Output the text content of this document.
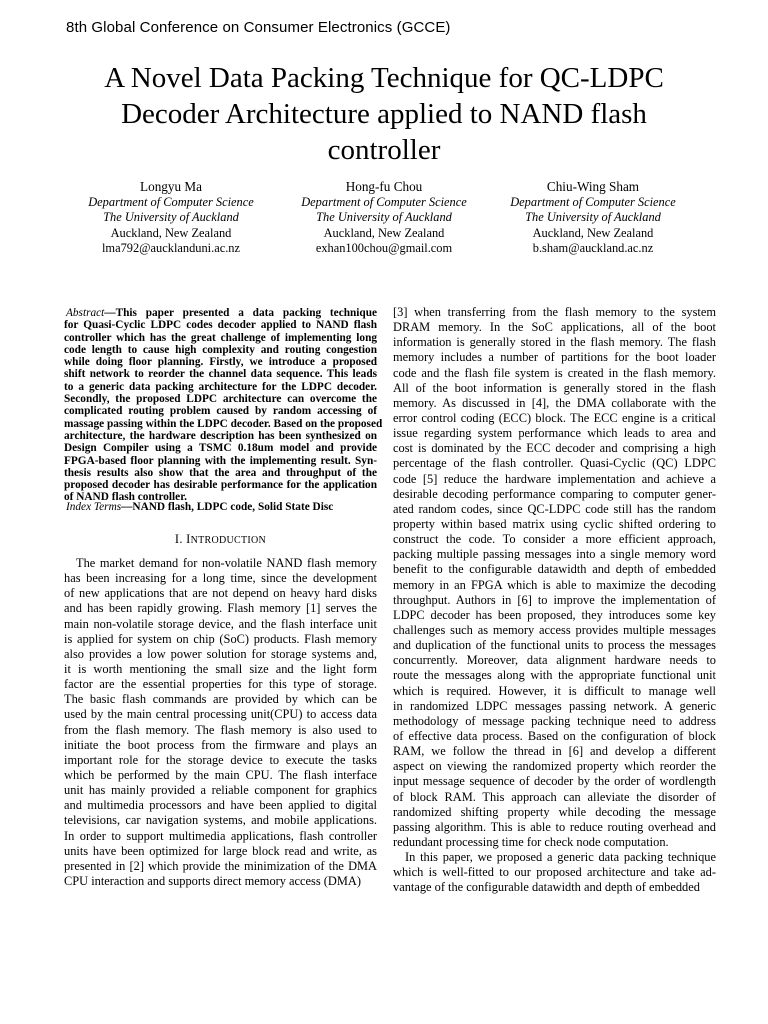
8th Global Conference on Consumer Electronics (GCCE)
A Novel Data Packing Technique for QC-LDPC
Decoder Architecture applied to NAND flash
controller
Longyu Ma
Department of Computer Science
The University of Auckland
Auckland, New Zealand
lma792@aucklanduni.ac.nz
Hong-fu Chou
Department of Computer Science
The University of Auckland
Auckland, New Zealand
exhan100chou@gmail.com
Chiu-Wing Sham
Department of Computer Science
The University of Auckland
Auckland, New Zealand
b.sham@auckland.ac.nz
Abstract—This paper presented a data packing technique
for Quasi-Cyclic LDPC codes decoder applied to NAND flash
controller which has the great challenge of implementing long
code length to cause high complexity and routing congestion
while doing floor planning. Firstly, we introduce a proposed
shift network to reorder the channel data sequence. This leads
to a generic data packing architecture for the LDPC decoder.
Secondly, the proposed LDPC architecture can overcome the
complicated routing problem caused by random accessing of
massage passing within the LDPC decoder. Based on the proposed
architecture, the hardware description has been synthesized on
Design Compiler using a TSMC 0.18um model and provide
FPGA-based floor planning with the implementing result. Syn-
thesis results also show that the area and throughput of the
proposed decoder has desirable performance for the application
of NAND flash controller.
Index Terms—NAND flash, LDPC code, Solid State Disc
I. INTRODUCTION
The market demand for non-volatile NAND flash memory
has been increasing for a long time, since the development
of new applications that are not depend on heavy hard disks
and has been rapidly growing. Flash memory [1] serves the
main non-volatile storage device, and the flash interface unit
is applied for system on chip (SoC) products. Flash memory
also provides a low power solution for storage systems and,
it is worth mentioning the small size and the light form
factor are the essential properties for this type of storage.
The basic flash commands are provided by which can be
used by the main central processing unit(CPU) to access data
from the flash memory. The flash memory is also used to
initiate the boot process from the firmware and plays an
important role for the storage device to execute the tasks
which be performed by the main CPU. The flash interface
unit has mainly provided a reliable component for graphics
and multimedia processors and have been applied to digital
televisions, car navigation systems, and mobile applications.
In order to support multimedia applications, flash controller
units have been optimized for large block read and write, as
presented in [2] which provide the minimization of the DMA
CPU interaction and supports direct memory access (DMA)
[3] when transferring from the flash memory to the system
DRAM memory. In the SoC applications, all of the boot
information is generally stored in the flash memory. The flash
memory includes a number of partitions for the boot loader
code and the flash file system is created in the flash memory.
All of the boot information is generally stored in the flash
memory. As discussed in [4], the DMA collaborate with the
error control coding (ECC) block. The ECC engine is a critical
issue regarding system performance which leads to area and
cost is dominated by the ECC decoder and comprising a high
percentage of the flash controller. Quasi-Cyclic (QC) LDPC
code [5] reduce the hardware implementation and achieve a
desirable decoding performance comparing to computer gener-
ated random codes, since QC-LDPC code still has the random
property within based matrix using cyclic shifted ordering to
construct the code. To consider a more efficient approach,
packing multiple passing messages into a single memory word
benefit to the configurable datawidth and depth of embedded
memory in an FPGA which is able to maximize the decoding
throughput. Authors in [6] to improve the implementation of
LDPC decoder has been proposed, they introduces some key
challenges such as memory access provides multiple messages
and duplication of the functional units to process the messages
concurrently. Moreover, data alignment hardware needs to
route the messages along with the appropriate functional unit
which is required. However, it is difficult to manage well
in randomized LDPC messages passing network. A generic
methodology of message packing technique need to address
of effective data process. Based on the configuration of block
RAM, we follow the thread in [6] and develop a different
aspect on viewing the randomized property which reorder the
input message sequence of decoder by the order of wordlength
of block RAM. This approach can alleviate the disorder of
randomized shifting property while decoding the message
passing algorithm. This is able to reduce routing overhead and
redundant processing time for check node computation.
In this paper, we proposed a generic data packing technique
which is well-fitted to our proposed architecture and take ad-
vantage of the configurable datawidth and depth of embedded
